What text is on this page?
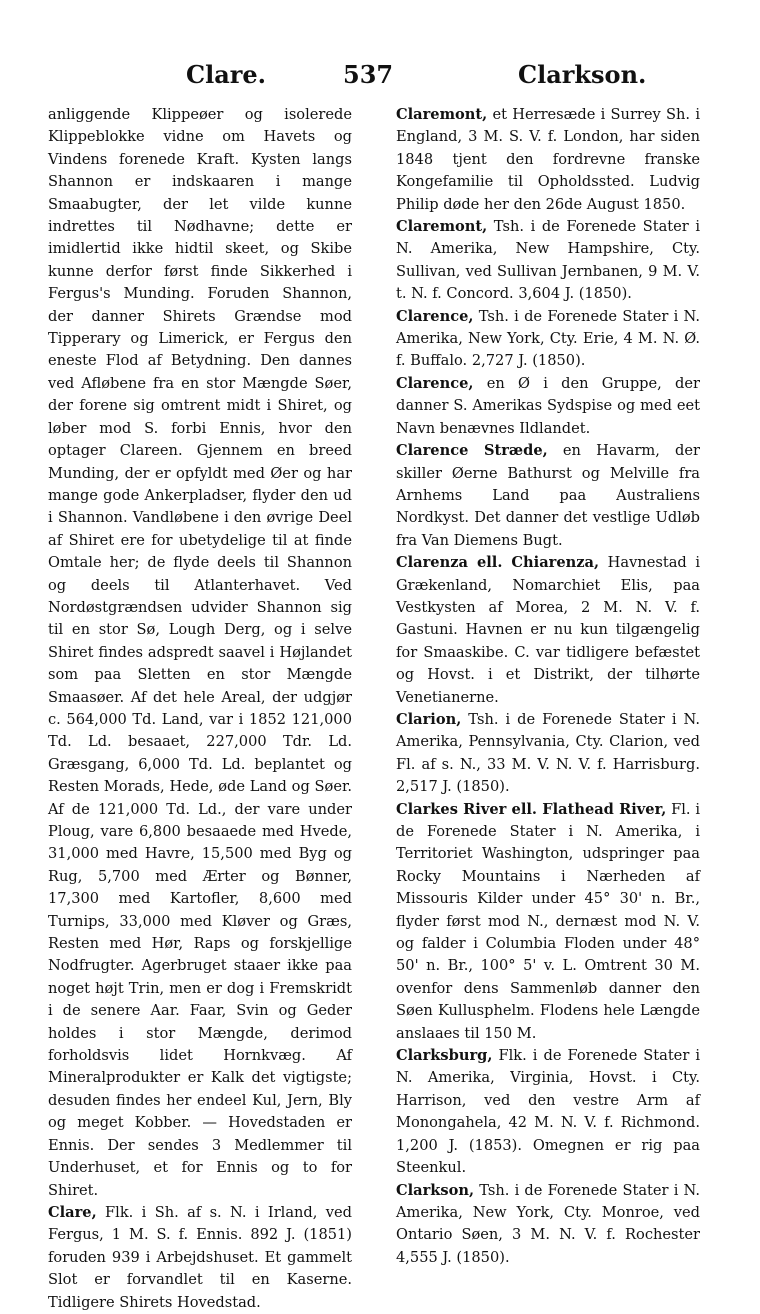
Clare.	537	Clarkson.

anliggende Klippeøer og isolerede Klippeblokke vidne om Havets og Vindens forenede Kraft. Kysten langs Shannon er indskaaren i mange Smaabugter, der let vilde kunne indrettes til Nødhavne; dette er imidlertid ikke hidtil skeet, og Skibe kunne derfor først finde Sikkerhed i Fergus's Munding. Foruden Shannon, der danner Shirets Grændse mod Tipperary og Limerick, er Fergus den eneste Flod af Betydning. Den dannes ved Afløbene fra en stor Mængde Søer, der forene sig omtrent midt i Shiret, og løber mod S. forbi Ennis, hvor den optager Clareen. Gjennem en breed Munding, der er opfyldt med Øer og har mange gode Ankerpladser, flyder den ud i Shannon. Vandløbene i den øvrige Deel af Shiret ere for ubetydelige til at finde Omtale her; de flyde deels til Shannon og deels til Atlanterhavet. Ved Nordøstgrændsen udvider Shannon sig til en stor Sø, Lough Derg, og i selve Shiret findes adspredt saavel i Højlandet som paa Sletten en stor Mængde Smaasøer. Af det hele Areal, der udgjør c. 564,000 Td. Land, var i 1852 121,000 Td. Ld. besaaet, 227,000 Tdr. Ld. Græsgang, 6,000 Td. Ld. beplantet og Resten Morads, Hede, øde Land og Søer. Af de 121,000 Td. Ld., der vare under Ploug, vare 6,800 besaaede med Hvede, 31,000 med Havre, 15,500 med Byg og Rug, 5,700 med Ærter og Bønner, 17,300 med Kartofler, 8,600 med Turnips, 33,000 med Kløver og Græs, Resten med Hør, Raps og forskjellige Nodfrugter. Agerbruget staaer ikke paa noget højt Trin, men er dog i Fremskridt i de senere Aar. Faar, Svin og Geder holdes i stor Mængde, derimod forholdsvis lidet Hornkvæg. Af Mineralprodukter er Kalk det vigtigste; desuden findes her endeel Kul, Jern, Bly og meget Kobber. — Hovedstaden er Ennis. Der sendes 3 Medlemmer til Underhuset, et for Ennis og to for Shiret.

Clare, Flk. i Sh. af s. N. i Irland, ved Fergus, 1 M. S. f. Ennis. 892 J. (1851) foruden 939 i Arbejdshuset. Et gammelt Slot er forvandlet til en Kaserne. Tidligere Shirets Hovedstad.

Claremont, et Herresæde i Surrey Sh. i England, 3 M. S. V. f. London, har siden 1848 tjent den fordrevne franske Kongefamilie til Opholdssted. Ludvig Philip døde her den 26de August 1850.

Claremont, Tsh. i de Forenede Stater i N. Amerika, New Hampshire, Cty. Sullivan, ved Sullivan Jernbanen, 9 M. V. t. N. f. Concord. 3,604 J. (1850).

Clarence, Tsh. i de Forenede Stater i N. Amerika, New York, Cty. Erie, 4 M. N. Ø. f. Buffalo. 2,727 J. (1850).

Clarence, en Ø i den Gruppe, der danner S. Amerikas Sydspise og med eet Navn benævnes Ildlandet.

Clarence Stræde, en Havarm, der skiller Øerne Bathurst og Melville fra Arnhems Land paa Australiens Nordkyst. Det danner det vestlige Udløb fra Van Diemens Bugt.

Clarenza ell. Chiarenza, Havnestad i Grækenland, Nomarchiet Elis, paa Vestkysten af Morea, 2 M. N. V. f. Gastuni. Havnen er nu kun tilgængelig for Smaaskibe. C. var tidligere befæstet og Hovst. i et Distrikt, der tilhørte Venetianerne.

Clarion, Tsh. i de Forenede Stater i N. Amerika, Pennsylvania, Cty. Clarion, ved Fl. af s. N., 33 M. V. N. V. f. Harrisburg. 2,517 J. (1850).

Clarkes River ell. Flathead River, Fl. i de Forenede Stater i N. Amerika, i Territoriet Washington, udspringer paa Rocky Mountains i Nærheden af Missouris Kilder under 45° 30' n. Br., flyder først mod N., dernæst mod N. V. og falder i Columbia Floden under 48° 50' n. Br., 100° 5' v. L. Omtrent 30 M. ovenfor dens Sammenløb danner den Søen Kullusphelm. Flodens hele Længde anslaaes til 150 M.

Clarksburg, Flk. i de Forenede Stater i N. Amerika, Virginia, Hovst. i Cty. Harrison, ved den vestre Arm af Monongahela, 42 M. N. V. f. Richmond. 1,200 J. (1853). Omegnen er rig paa Steenkul.

Clarkson, Tsh. i de Forenede Stater i N. Amerika, New York, Cty. Monroe, ved Ontario Søen, 3 M. N. V. f. Rochester 4,555 J. (1850).
